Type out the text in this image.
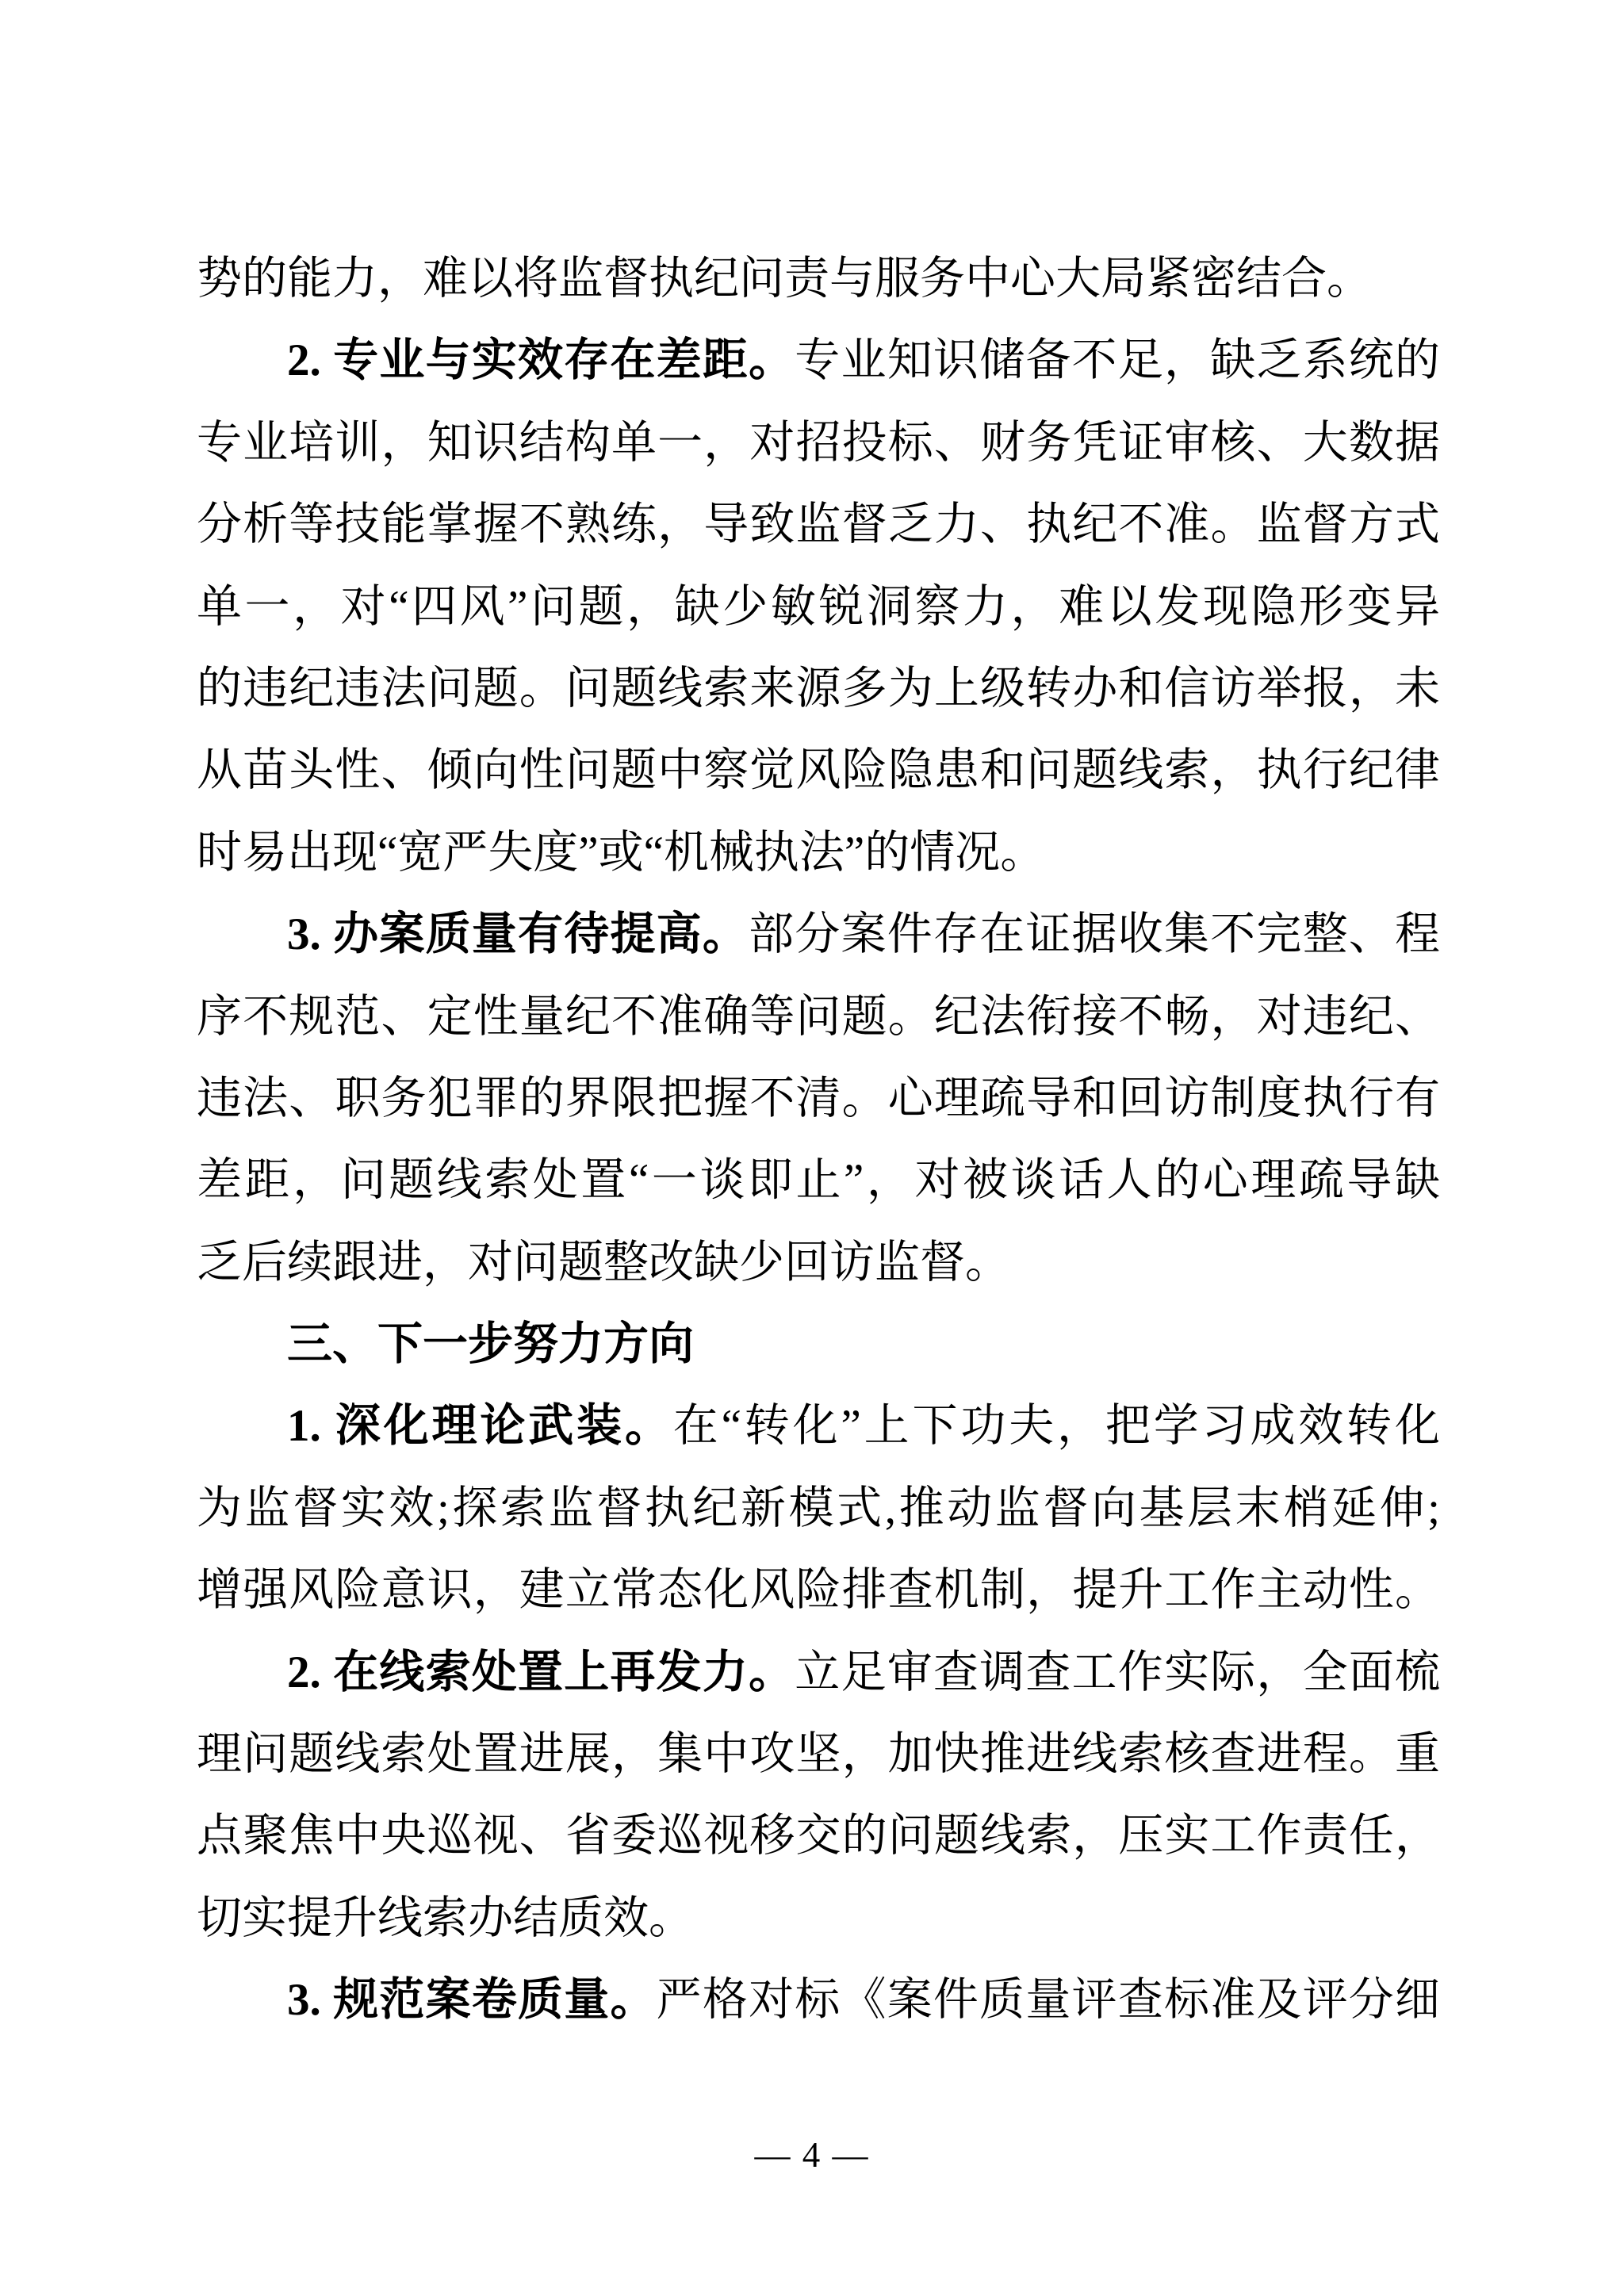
势的能力，难以将监督执纪问责与服务中心大局紧密结合。
2. 专业与实效存在差距。专业知识储备不足，缺乏系统的
专业培训，知识结构单一，对招投标、财务凭证审核、大数据
分析等技能掌握不熟练，导致监督乏力、执纪不准。监督方式
单一，对“四风”问题，缺少敏锐洞察力，难以发现隐形变异
的违纪违法问题。问题线索来源多为上级转办和信访举报，未
从苗头性、倾向性问题中察觉风险隐患和问题线索，执行纪律
时易出现“宽严失度”或“机械执法”的情况。
3. 办案质量有待提高。部分案件存在证据收集不完整、程
序不规范、定性量纪不准确等问题。纪法衔接不畅，对违纪、
违法、职务犯罪的界限把握不清。心理疏导和回访制度执行有
差距，问题线索处置“一谈即止”，对被谈话人的心理疏导缺
乏后续跟进，对问题整改缺少回访监督。
三、下一步努力方向
1. 深化理论武装。在“转化”上下功夫，把学习成效转化
为监督实效;探索监督执纪新模式,推动监督向基层末梢延伸;
增强风险意识，建立常态化风险排查机制，提升工作主动性。
2. 在线索处置上再发力。立足审查调查工作实际，全面梳
理问题线索处置进展，集中攻坚，加快推进线索核查进程。重
点聚焦中央巡视、省委巡视移交的问题线索，压实工作责任，
切实提升线索办结质效。
3. 规范案卷质量。严格对标《案件质量评查标准及评分细
— 4 —
